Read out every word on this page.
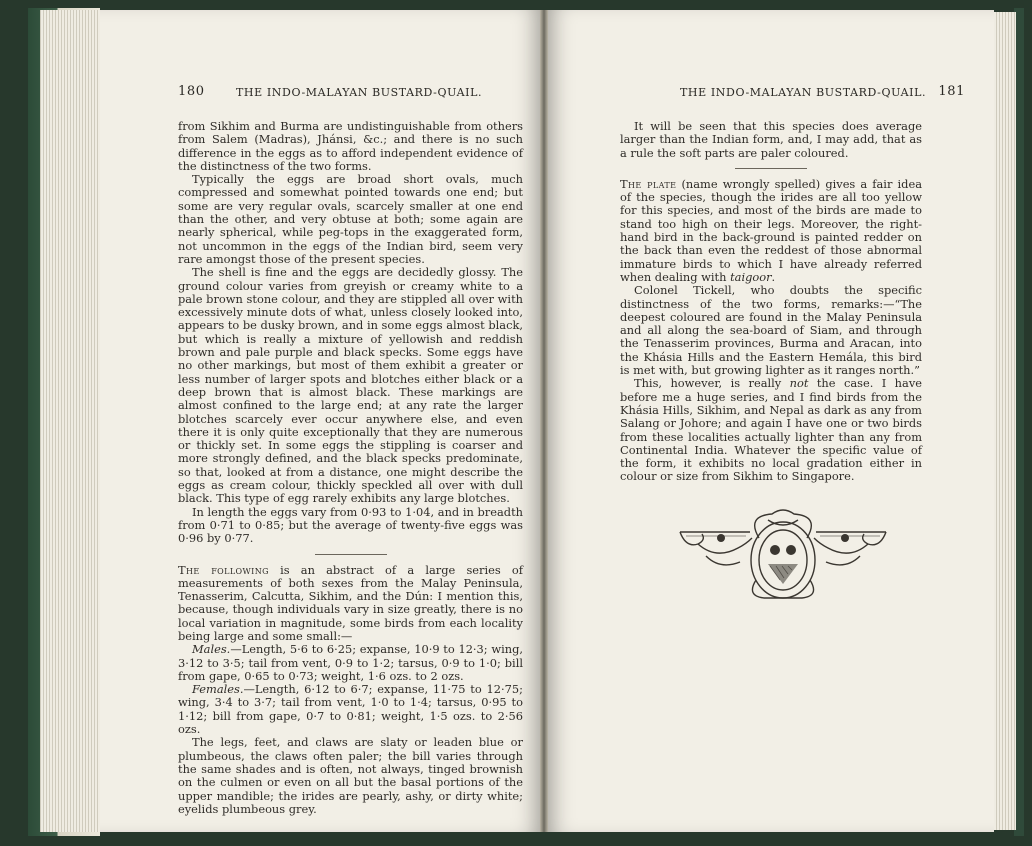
180	THE INDO-MALAYAN BUSTARD-QUAIL.	THE INDO-MALAYAN BUSTARD-QUAIL. 181

from Sikhim and Burma are undistinguishable from others from Salem (Madras), Jhánsi, &c.; and there is no such difference in the eggs as to afford independent evidence of the distinctness of the two forms.

Typically the eggs are broad short ovals, much compressed and somewhat pointed towards one end; but some are very regular ovals, scarcely smaller at one end than the other, and very obtuse at both; some again are nearly spherical, while peg-tops in the exaggerated form, not uncommon in the eggs of the Indian bird, seem very rare amongst those of the present species.

The shell is fine and the eggs are decidedly glossy. The ground colour varies from greyish or creamy white to a pale brown stone colour, and they are stippled all over with excessively minute dots of what, unless closely looked into, appears to be dusky brown, and in some eggs almost black, but which is really a mixture of yellowish and reddish brown and pale purple and black specks. Some eggs have no other markings, but most of them exhibit a greater or less number of larger spots and blotches either black or a deep brown that is almost black. These markings are almost confined to the large end; at any rate the larger blotches scarcely ever occur anywhere else, and even there it is only quite exceptionally that they are numerous or thickly set. In some eggs the stippling is coarser and more strongly defined, and the black specks predominate, so that, looked at from a distance, one might describe the eggs as cream colour, thickly speckled all over with dull black. This type of egg rarely exhibits any large blotches.

In length the eggs vary from 0·93 to 1·04, and in breadth from 0·71 to 0·85; but the average of twenty-five eggs was 0·96 by 0·77.

The following is an abstract of a large series of measurements of both sexes from the Malay Peninsula, Tenasserim, Calcutta, Sikhim, and the Dún: I mention this, because, though individuals vary in size greatly, there is no local variation in magnitude, some birds from each locality being large and some small:—

Males.—Length, 5·6 to 6·25; expanse, 10·9 to 12·3; wing, 3·12 to 3·5; tail from vent, 0·9 to 1·2; tarsus, 0·9 to 1·0; bill from gape, 0·65 to 0·73; weight, 1·6 ozs. to 2 ozs.

Females.—Length, 6·12 to 6·7; expanse, 11·75 to 12·75; wing, 3·4 to 3·7; tail from vent, 1·0 to 1·4; tarsus, 0·95 to 1·12; bill from gape, 0·7 to 0·81; weight, 1·5 ozs. to 2·56 ozs.

The legs, feet, and claws are slaty or leaden blue or plumbeous, the claws often paler; the bill varies through the same shades and is often, not always, tinged brownish on the culmen or even on all but the basal portions of the upper mandible; the irides are pearly, ashy, or dirty white; eyelids plumbeous grey.

It will be seen that this species does average larger than the Indian form, and, I may add, that as a rule the soft parts are paler coloured.

The plate (name wrongly spelled) gives a fair idea of the species, though the irides are all too yellow for this species, and most of the birds are made to stand too high on their legs. Moreover, the right-hand bird in the back-ground is painted redder on the back than even the reddest of those abnormal immature birds to which I have already referred when dealing with taigoor.

Colonel Tickell, who doubts the specific distinctness of the two forms, remarks:—“The deepest coloured are found in the Malay Peninsula and all along the sea-board of Siam, and through the Tenasserim provinces, Burma and Aracan, into the Khásia Hills and the Eastern Hemála, this bird is met with, but growing lighter as it ranges north.”

This, however, is really not the case. I have before me a huge series, and I find birds from the Khásia Hills, Sikhim, and Nepal as dark as any from Salang or Johore; and again I have one or two birds from these localities actually lighter than any from Continental India. Whatever the specific value of the form, it exhibits no local gradation either in colour or size from Sikhim to Singapore.
